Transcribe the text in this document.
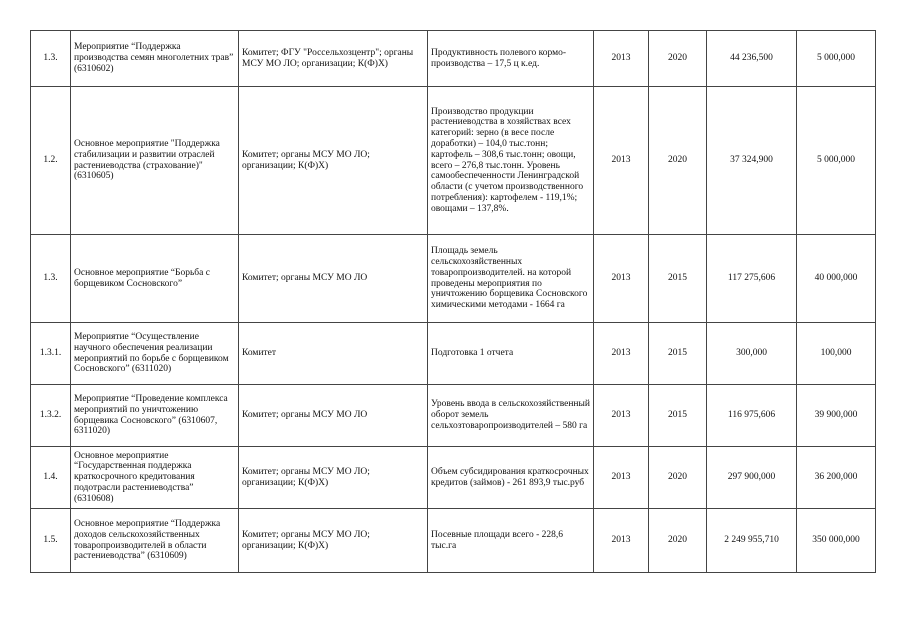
1.3.	Мероприятие “Поддержка производства семян многолетних трав” (6310602)	Комитет; ФГУ "Россельхозцентр"; органы МСУ МО ЛО; организации; К(Ф)Х)	Продуктивность полевого кормо-производства – 17,5 ц к.ед.	2013	2020	44 236,500	5 000,000
1.2.	Основное мероприятие "Поддержка стабилизации и развитии отраслей растениеводства (страхование)" (6310605)	Комитет; органы МСУ МО ЛО; организации; К(Ф)Х)	Производство продукции растениеводства в хозяйствах всех категорий: зерно (в весе после доработки) – 104,0 тыс.тонн; картофель – 308,6 тыс.тонн; овощи, всего – 276,8 тыс.тонн. Уровень самообеспеченности Ленинградской области (с учетом производственного потребления): картофелем - 119,1%; овощами – 137,8%.	2013	2020	37 324,900	5 000,000
1.3.	Основное мероприятие “Борьба с борщевиком Сосновского”	Комитет; органы МСУ МО ЛО	Площадь земель сельскохозяйственных товаропроизводителей. на которой проведены мероприятия по уничтожению борщевика Сосновского химическими методами - 1664 га	2013	2015	117 275,606	40 000,000
1.3.1.	Мероприятие “Осуществление научного обеспечения реализации мероприятий по борьбе с борщевиком Сосновского” (6311020)	Комитет	Подготовка 1 отчета	2013	2015	300,000	100,000
1.3.2.	Мероприятие “Проведение комплекса мероприятий по уничтожению борщевика Сосновского” (6310607, 6311020)	Комитет; органы МСУ МО ЛО	Уровень ввода в сельскохозяйственный оборот земель сельхозтоваропроизводителей – 580 га	2013	2015	116 975,606	39 900,000
1.4.	Основное мероприятие “Государственная поддержка краткосрочного кредитования подотрасли растениеводства” (6310608)	Комитет; органы МСУ МО ЛО; организации; К(Ф)Х)	Объем субсидирования краткосрочных кредитов (займов) - 261 893,9 тыс.руб	2013	2020	297 900,000	36 200,000
1.5.	Основное мероприятие “Поддержка доходов сельскохозяйственных товаропроизводителей в области растениеводства” (6310609)	Комитет; органы МСУ МО ЛО; организации; К(Ф)Х)	Посевные площади всего - 228,6 тыс.га	2013	2020	2 249 955,710	350 000,000
